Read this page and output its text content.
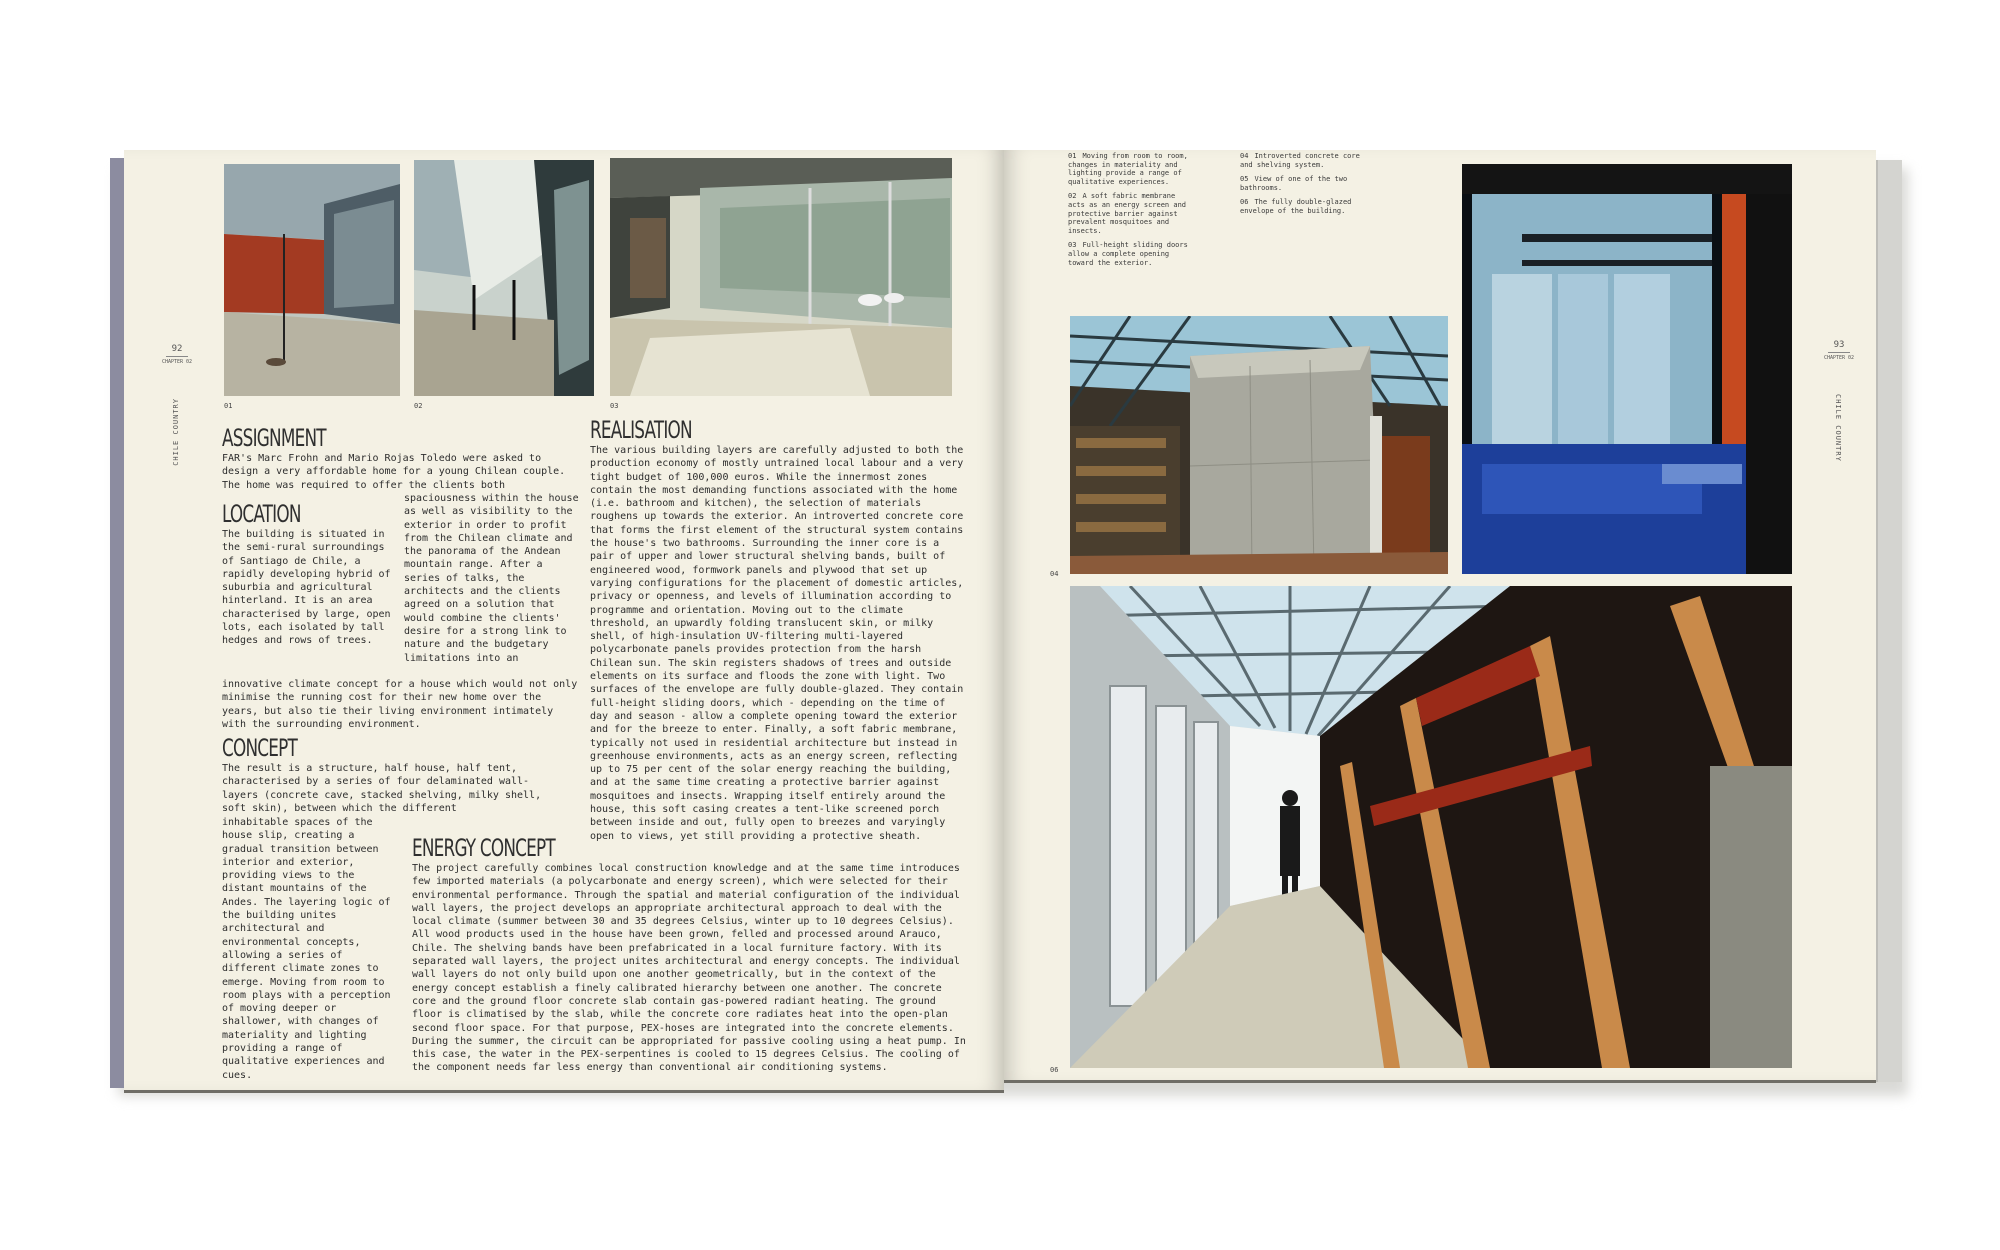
92
CHAPTER 02
CHILE COUNTRY	01	02	03
ASSIGNMENT
FAR's Marc Frohn and Mario Rojas Toledo were asked to design a very affordable home for a young Chilean couple. The home was required to offer the clients both
LOCATION
The building is situated in the semi-rural surroundings of Santiago de Chile, a rapidly developing hybrid of suburbia and agricultural hinterland. It is an area characterised by large, open lots, each isolated by tall hedges and rows of trees.
spaciousness within the house as well as visibility to the exterior in order to profit from the Chilean climate and the panorama of the Andean mountain range. After a series of talks, the architects and the clients agreed on a solution that would combine the clients' desire for a strong link to nature and the budgetary limitations into an
innovative climate concept for a house which would not only minimise the running cost for their new home over the years, but also tie their living environment intimately with the surrounding environment.
CONCEPT
The result is a structure, half house, half tent, characterised by a series of four delaminated wall-layers (concrete cave, stacked shelving, milky shell, soft skin), between which the different
inhabitable spaces of the house slip, creating a gradual transition between interior and exterior, providing views to the distant mountains of the Andes. The layering logic of the building unites architectural and environmental concepts, allowing a series of different climate zones to emerge. Moving from room to room plays with a perception of moving deeper or shallower, with changes of materiality and lighting providing a range of qualitative experiences and cues.
REALISATION
The various building layers are carefully adjusted to both the production economy of mostly untrained local labour and a very tight budget of 100,000 euros. While the innermost zones contain the most demanding functions associated with the home (i.e. bathroom and kitchen), the selection of materials roughens up towards the exterior. An introverted concrete core that forms the first element of the structural system contains the house's two bathrooms. Surrounding the inner core is a pair of upper and lower structural shelving bands, built of engineered wood, formwork panels and plywood that set up varying configurations for the placement of domestic articles, privacy or openness, and levels of illumination according to programme and orientation. Moving out to the climate threshold, an upwardly folding translucent skin, or milky shell, of high-insulation UV-filtering multi-layered polycarbonate panels provides protection from the harsh Chilean sun. The skin registers shadows of trees and outside elements on its surface and floods the zone with light. Two surfaces of the envelope are fully double-glazed. They contain full-height sliding doors, which - depending on the time of day and season - allow a complete opening toward the exterior and for the breeze to enter. Finally, a soft fabric membrane, typically not used in residential architecture but instead in greenhouse environments, acts as an energy screen, reflecting up to 75 per cent of the solar energy reaching the building, and at the same time creating a protective barrier against mosquitoes and insects. Wrapping itself entirely around the house, this soft casing creates a tent-like screened porch between inside and out, fully open to breezes and varyingly open to views, yet still providing a protective sheath.
ENERGY CONCEPT
The project carefully combines local construction knowledge and at the same time introduces few imported materials (a polycarbonate and energy screen), which were selected for their environmental performance. Through the spatial and material configuration of the individual wall layers, the project develops an appropriate architectural approach to deal with the local climate (summer between 30 and 35 degrees Celsius, winter up to 10 degrees Celsius). All wood products used in the house have been grown, felled and processed around Arauco, Chile. The shelving bands have been prefabricated in a local furniture factory. With its separated wall layers, the project unites architectural and energy concepts. The individual wall layers do not only build upon one another geometrically, but in the context of the energy concept establish a finely calibrated hierarchy between one another. The concrete core and the ground floor concrete slab contain gas-powered radiant heating. The ground floor is climatised by the slab, while the concrete core radiates heat into the open-plan second floor space. For that purpose, PEX-hoses are integrated into the concrete elements. During the summer, the circuit can be appropriated for passive cooling using a heat pump. In this case, the water in the PEX-serpentines is cooled to 15 degrees Celsius. The cooling of the component needs far less energy than conventional air conditioning systems.
01 Moving from room to room, changes in materiality and lighting provide a range of qualitative experiences.
02 A soft fabric membrane acts as an energy screen and protective barrier against prevalent mosquitoes and insects.
03 Full-height sliding doors allow a complete opening toward the exterior.
04 Introverted concrete core and shelving system.
05 View of one of the two bathrooms.
06 The fully double-glazed envelope of the building.
04
06
93
CHAPTER 02
CHILE COUNTRY
